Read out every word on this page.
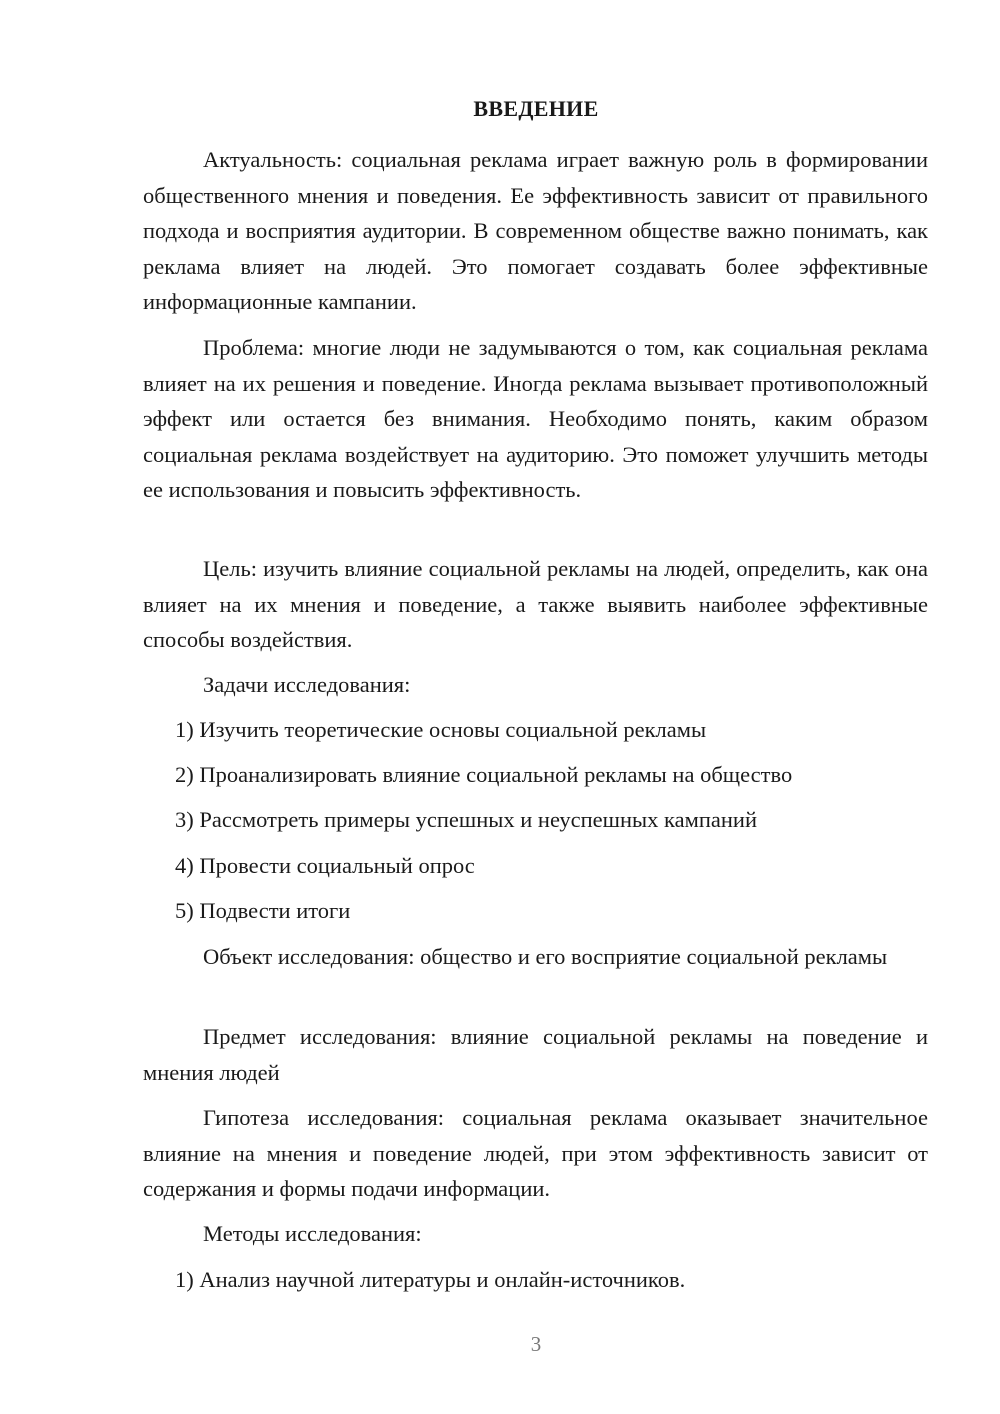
ВВЕДЕНИЕ

Актуальность: социальная реклама играет важную роль в формировании общественного мнения и поведения. Ее эффективность зависит от правильного подхода и восприятия аудитории. В современном обществе важно понимать, как реклама влияет на людей. Это помогает создавать более эффективные информационные кампании.

Проблема: многие люди не задумываются о том, как социальная реклама влияет на их решения и поведение. Иногда реклама вызывает противоположный эффект или остается без внимания. Необходимо понять, каким образом социальная реклама воздействует на аудиторию. Это поможет улучшить методы ее использования и повысить эффективность.

Цель: изучить влияние социальной рекламы на людей, определить, как она влияет на их мнения и поведение, а также выявить наиболее эффективные способы воздействия.

Задачи исследования:
1) Изучить теоретические основы социальной рекламы
2) Проанализировать влияние социальной рекламы на общество
3) Рассмотреть примеры успешных и неуспешных кампаний
4) Провести социальный опрос
5) Подвести итоги

Объект исследования: общество и его восприятие социальной рекламы

Предмет исследования: влияние социальной рекламы на поведение и мнения людей

Гипотеза исследования: социальная реклама оказывает значительное влияние на мнения и поведение людей, при этом эффективность зависит от содержания и формы подачи информации.

Методы исследования:
1) Анализ научной литературы и онлайн-источников.
3
